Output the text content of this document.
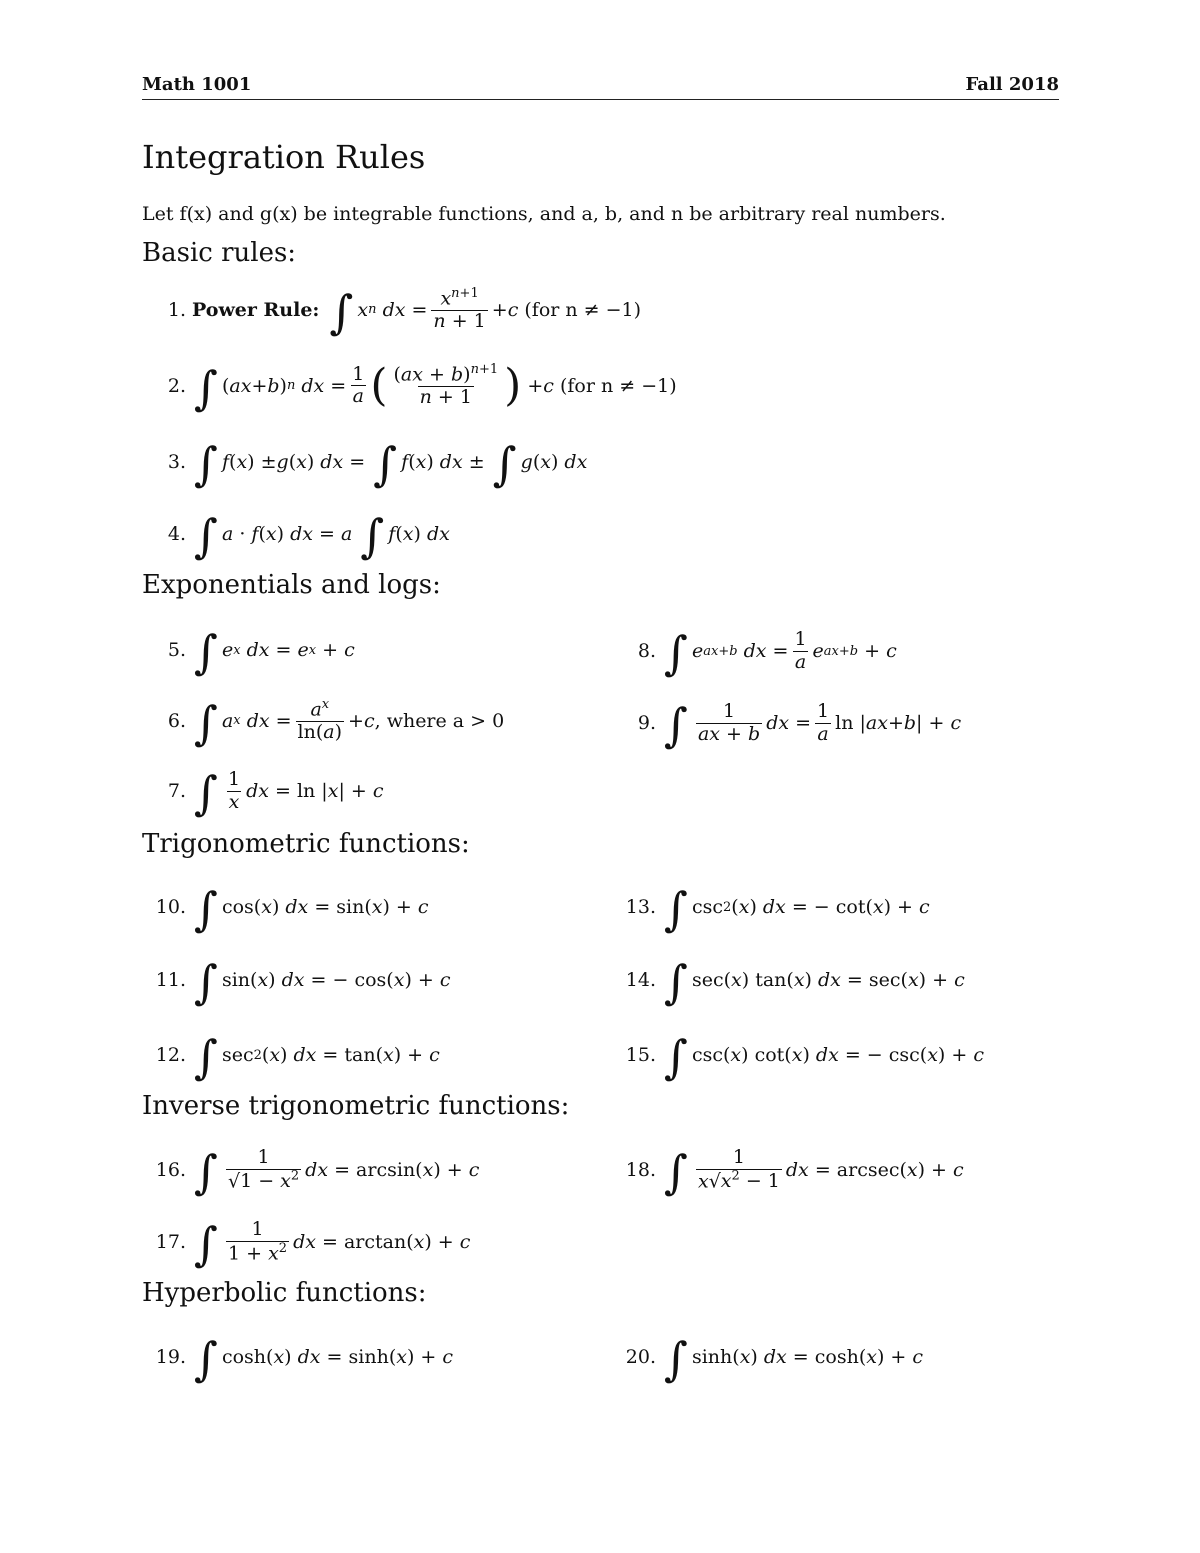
Math 1001	Fall 2018
Integration Rules
Let f(x) and g(x) be integrable functions, and a, b, and n be arbitrary real numbers.
Basic rules:
1. Power Rule: ∫ x n
dx = $\frac{x^{n+1}}{n + 1} + c$
(for n ≠ −1)
2. ∫ ( ax + b ) n
dx = $\frac{1}{a}$ ( $\frac{(ax + b)^{n+1}}{n + 1}$ ) + c
(for n ≠ −1)
3. ∫ f ( x ) ± g ( x ) dx = ∫ f ( x ) dx ± ∫ g ( x ) dx
4. ∫ a · f ( x ) dx = a
∫ f ( x ) dx
Exponentials and logs:
5. ∫ e x
dx = e x + c
6. ∫ a x
dx = $\frac{a^x}{\ln(a)} + c$ , where a > 0
7. ∫ $\frac{1}{x}$ dx = ln | x | + c
8. ∫ e ax+b
dx = $\frac{1}{a}$ e ax+b + c
9. ∫ $\frac{1}{ax + b}$ dx = $\frac{1}{a}$ ln | ax + b | + c
Trigonometric functions:
10. ∫ cos( x ) dx = sin( x ) + c
11. ∫ sin( x ) dx = − cos( x ) + c
12. ∫ sec 2 ( x ) dx = tan( x ) + c
13. ∫ csc 2 ( x ) dx = − cot( x ) + c
14. ∫ sec( x ) tan( x ) dx = sec( x ) + c
15. ∫ csc( x ) cot( x ) dx = − csc( x ) + c
Inverse trigonometric functions:
16. ∫ $\frac{1}{√1 - x^2}$ dx = arcsin( x ) + c
17. ∫ $\frac{1}{1 + x^2}$ dx = arctan( x ) + c
18. ∫ $\frac{1}{x√x^2 - 1}$ dx = arcsec( x ) + c
Hyperbolic functions:
19. ∫ cosh( x ) dx = sinh( x ) + c	20. ∫ sinh( x ) dx = cosh( x ) + c
